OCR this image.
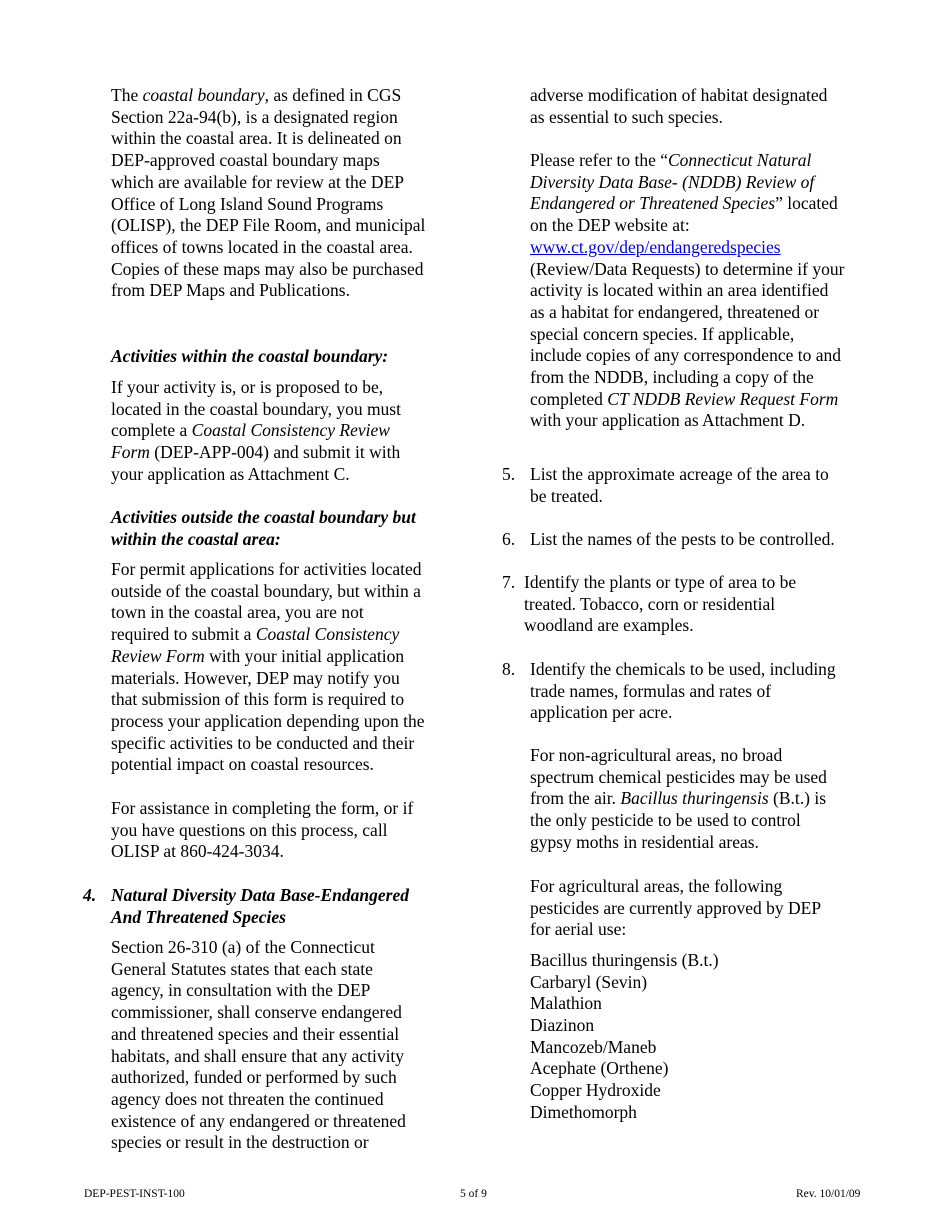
The coastal boundary, as defined in CGS
Section 22a-94(b), is a designated region
within the coastal area. It is delineated on
DEP-approved coastal boundary maps
which are available for review at the DEP
Office of Long Island Sound Programs
(OLISP), the DEP File Room, and municipal
offices of towns located in the coastal area.
Copies of these maps may also be purchased
from DEP Maps and Publications.

Activities within the coastal boundary:

If your activity is, or is proposed to be,
located in the coastal boundary, you must
complete a Coastal Consistency Review
Form (DEP-APP-004) and submit it with
your application as Attachment C.

Activities outside the coastal boundary but
within the coastal area:

For permit applications for activities located
outside of the coastal boundary, but within a
town in the coastal area, you are not
required to submit a Coastal Consistency
Review Form with your initial application
materials. However, DEP may notify you
that submission of this form is required to
process your application depending upon the
specific activities to be conducted and their
potential impact on coastal resources.

For assistance in completing the form, or if
you have questions on this process, call
OLISP at 860-424-3034.

4. Natural Diversity Data Base-Endangered
And Threatened Species

Section 26-310 (a) of the Connecticut
General Statutes states that each state
agency, in consultation with the DEP
commissioner, shall conserve endangered
and threatened species and their essential
habitats, and shall ensure that any activity
authorized, funded or performed by such
agency does not threaten the continued
existence of any endangered or threatened
species or result in the destruction or

adverse modification of habitat designated
as essential to such species.

Please refer to the “Connecticut Natural
Diversity Data Base- (NDDB) Review of
Endangered or Threatened Species” located
on the DEP website at:
www.ct.gov/dep/endangeredspecies
(Review/Data Requests) to determine if your
activity is located within an area identified
as a habitat for endangered, threatened or
special concern species. If applicable,
include copies of any correspondence to and
from the NDDB, including a copy of the
completed CT NDDB Review Request Form
with your application as Attachment D.

5. List the approximate acreage of the area to
be treated.
6. List the names of the pests to be controlled.
7. Identify the plants or type of area to be
treated. Tobacco, corn or residential
woodland are examples.
8. Identify the chemicals to be used, including
trade names, formulas and rates of
application per acre.

For non-agricultural areas, no broad
spectrum chemical pesticides may be used
from the air. Bacillus thuringensis (B.t.) is
the only pesticide to be used to control
gypsy moths in residential areas.

For agricultural areas, the following
pesticides are currently approved by DEP
for aerial use:

Bacillus thuringensis (B.t.)
Carbaryl (Sevin)
Malathion
Diazinon
Mancozeb/Maneb
Acephate (Orthene)
Copper Hydroxide
Dimethomorph
DEP-PEST-INST-100	5 of 9	Rev. 10/01/09
